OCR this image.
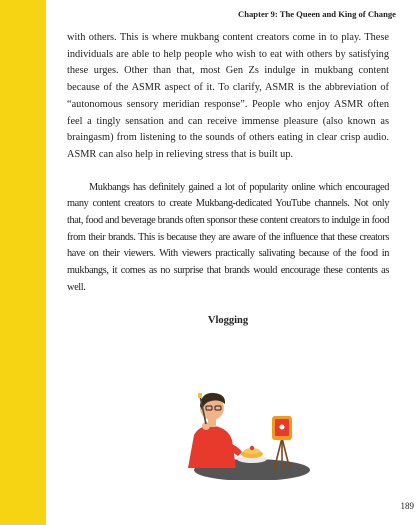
Chapter 9: The Queen and King of Change

with others. This is where mukbang content creators come in to play. These individuals are able to help people who wish to eat with others by satisfying these urges. Other than that, most Gen Zs indulge in mukbang content because of the ASMR aspect of it. To clarify, ASMR is the abbreviation of “autonomous sensory meridian response”. People who enjoy ASMR often feel a tingly sensation and can receive immense pleasure (also known as braingasm) from listening to the sounds of others eating in clear crisp audio. ASMR can also help in relieving stress that is built up.

Mukbangs has definitely gained a lot of popularity online which encouraged many content creators to create Mukbang-dedicated YouTube channels. Not only that, food and beverage brands often sponsor these content creators to indulge in food from their brands. This is because they are aware of the influence that these creators have on their viewers. With viewers practically salivating because of the food in mukbangs, it comes as no surprise that brands would encourage these contents as well.

Vlogging
189
